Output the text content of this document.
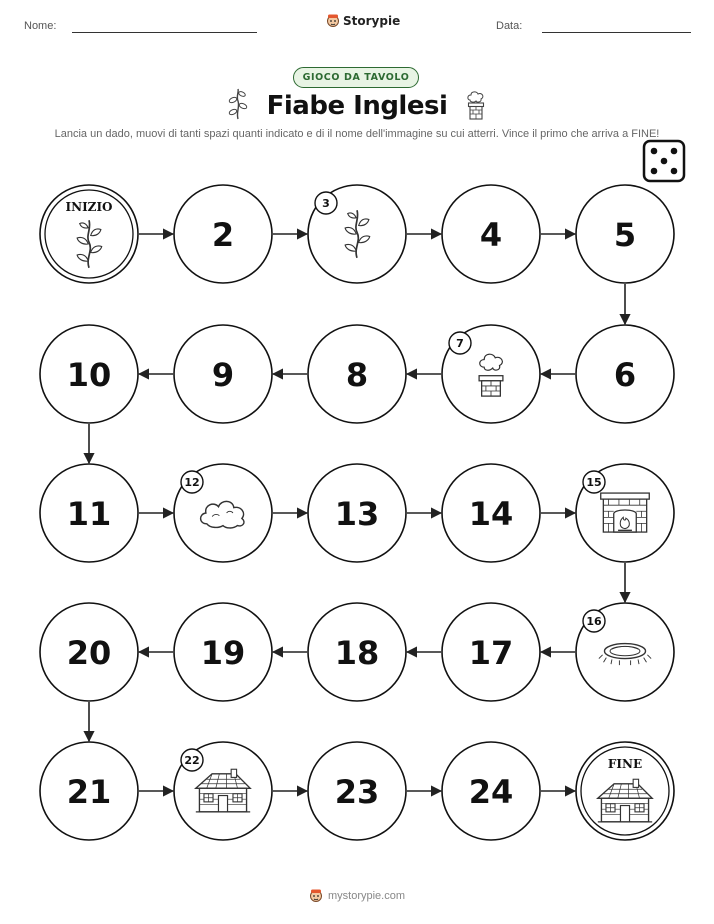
Nome:	Storypie	Data:
GIOCO DA TAVOLO
Fiabe Inglesi
Lancia un dado, muovi di tanti spazi quanti indicato e di il nome dell'immagine su cui atterri. Vince il primo che arriva a FINE!
INIZIO
2
3
4	5
6
7
8
9
10
11
12
13	14
15
16
17
18
19
20
21
22
23	24
FINE
mystorypie.com
